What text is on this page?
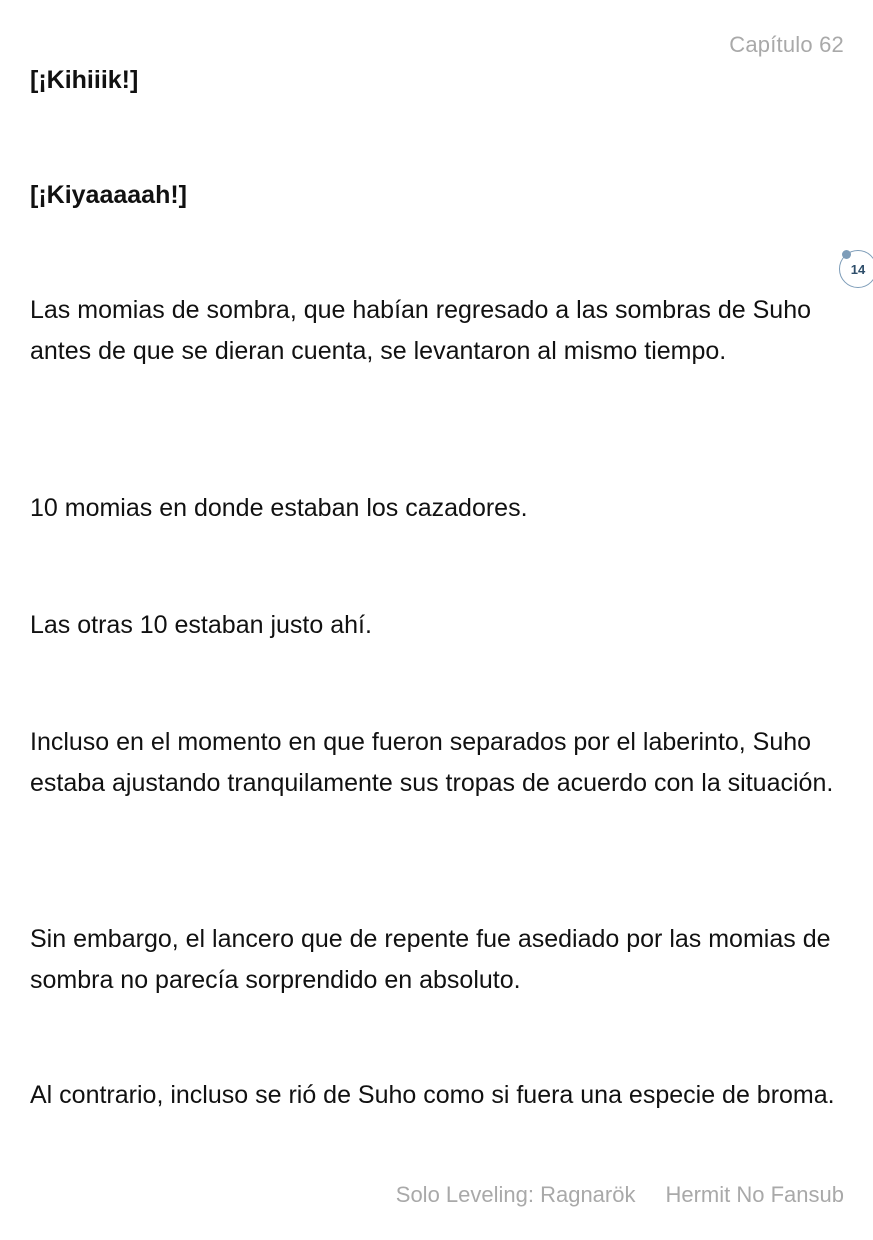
Capítulo 62
14

[¡Kihiiik!]

[¡Kiyaaaaah!]

Las momias de sombra, que habían regresado a las sombras de Suho antes de que se dieran cuenta, se levantaron al mismo tiempo.

10 momias en donde estaban los cazadores.

Las otras 10 estaban justo ahí.

Incluso en el momento en que fueron separados por el laberinto, Suho estaba ajustando tranquilamente sus tropas de acuerdo con la situación.

Sin embargo, el lancero que de repente fue asediado por las momias de sombra no parecía sorprendido en absoluto.

Al contrario, incluso se rió de Suho como si fuera una especie de broma.

Solo Leveling: Ragnarök Hermit No Fansub
